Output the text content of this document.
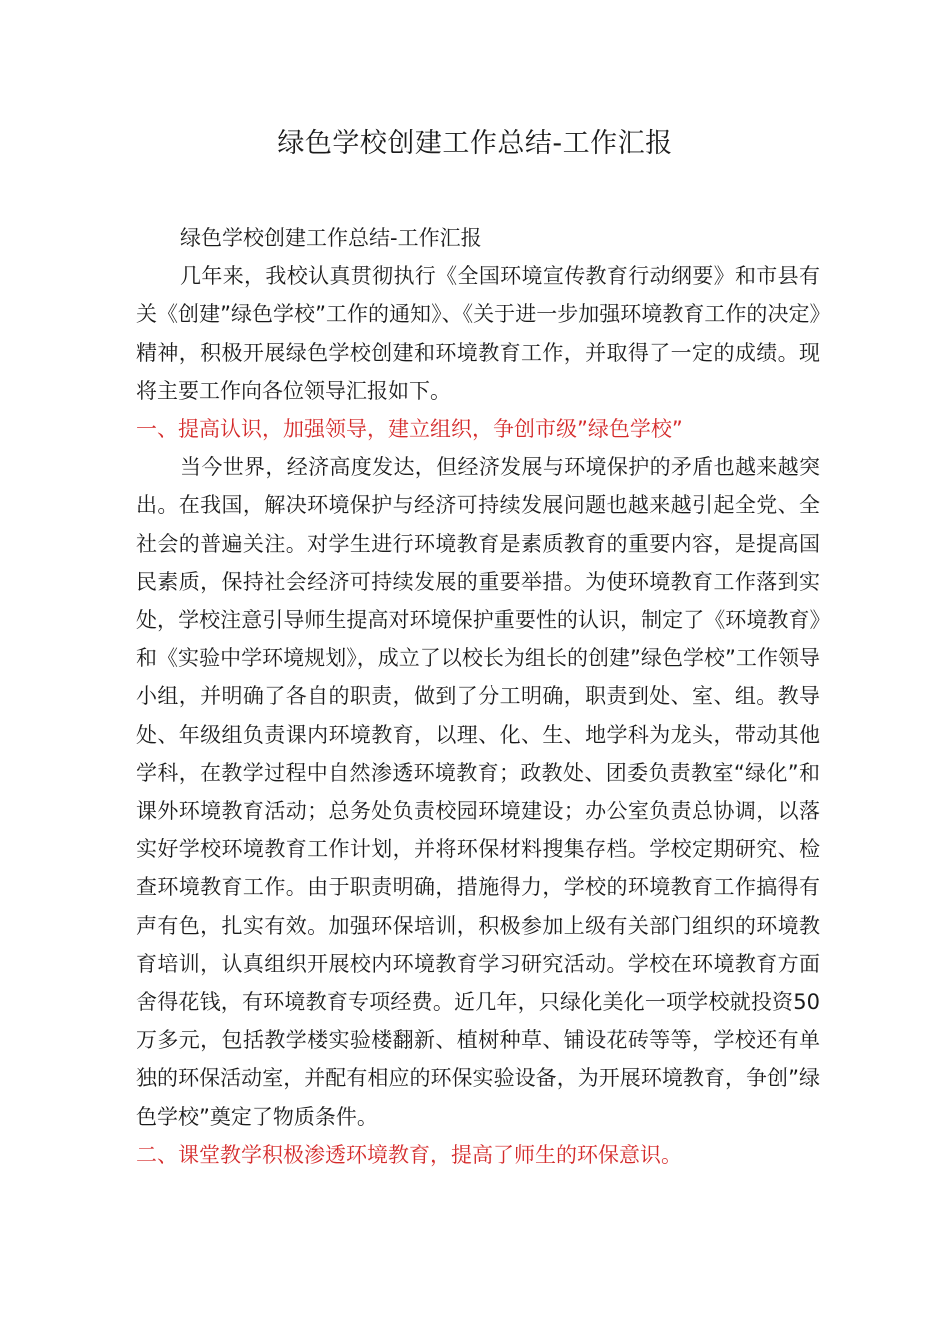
绿色学校创建工作总结-工作汇报

绿色学校创建工作总结-工作汇报

几年来，我校认真贯彻执行《全国环境宣传教育行动纲要》和市县有关《创建”绿色学校”工作的通知》、《关于进一步加强环境教育工作的决定》精神，积极开展绿色学校创建和环境教育工作，并取得了一定的成绩。现将主要工作向各位领导汇报如下。

一、提高认识，加强领导，建立组织，争创市级”绿色学校”

当今世界，经济高度发达，但经济发展与环境保护的矛盾也越来越突出。在我国，解决环境保护与经济可持续发展问题也越来越引起全党、全社会的普遍关注。对学生进行环境教育是素质教育的重要内容，是提高国民素质，保持社会经济可持续发展的重要举措。为使环境教育工作落到实处，学校注意引导师生提高对环境保护重要性的认识，制定了《环境教育》和《实验中学环境规划》，成立了以校长为组长的创建”绿色学校”工作领导小组，并明确了各自的职责，做到了分工明确，职责到处、室、组。教导处、年级组负责课内环境教育，以理、化、生、地学科为龙头，带动其他学科，在教学过程中自然渗透环境教育；政教处、团委负责教室“绿化”和课外环境教育活动；总务处负责校园环境建设；办公室负责总协调，以落实好学校环境教育工作计划，并将环保材料搜集存档。学校定期研究、检查环境教育工作。由于职责明确，措施得力，学校的环境教育工作搞得有声有色，扎实有效。加强环保培训，积极参加上级有关部门组织的环境教育培训，认真组织开展校内环境教育学习研究活动。学校在环境教育方面舍得花钱，有环境教育专项经费。近几年，只绿化美化一项学校就投资50万多元，包括教学楼实验楼翻新、植树种草、铺设花砖等等，学校还有单独的环保活动室，并配有相应的环保实验设备，为开展环境教育，争创”绿色学校”奠定了物质条件。

二、课堂教学积极渗透环境教育，提高了师生的环保意识。
